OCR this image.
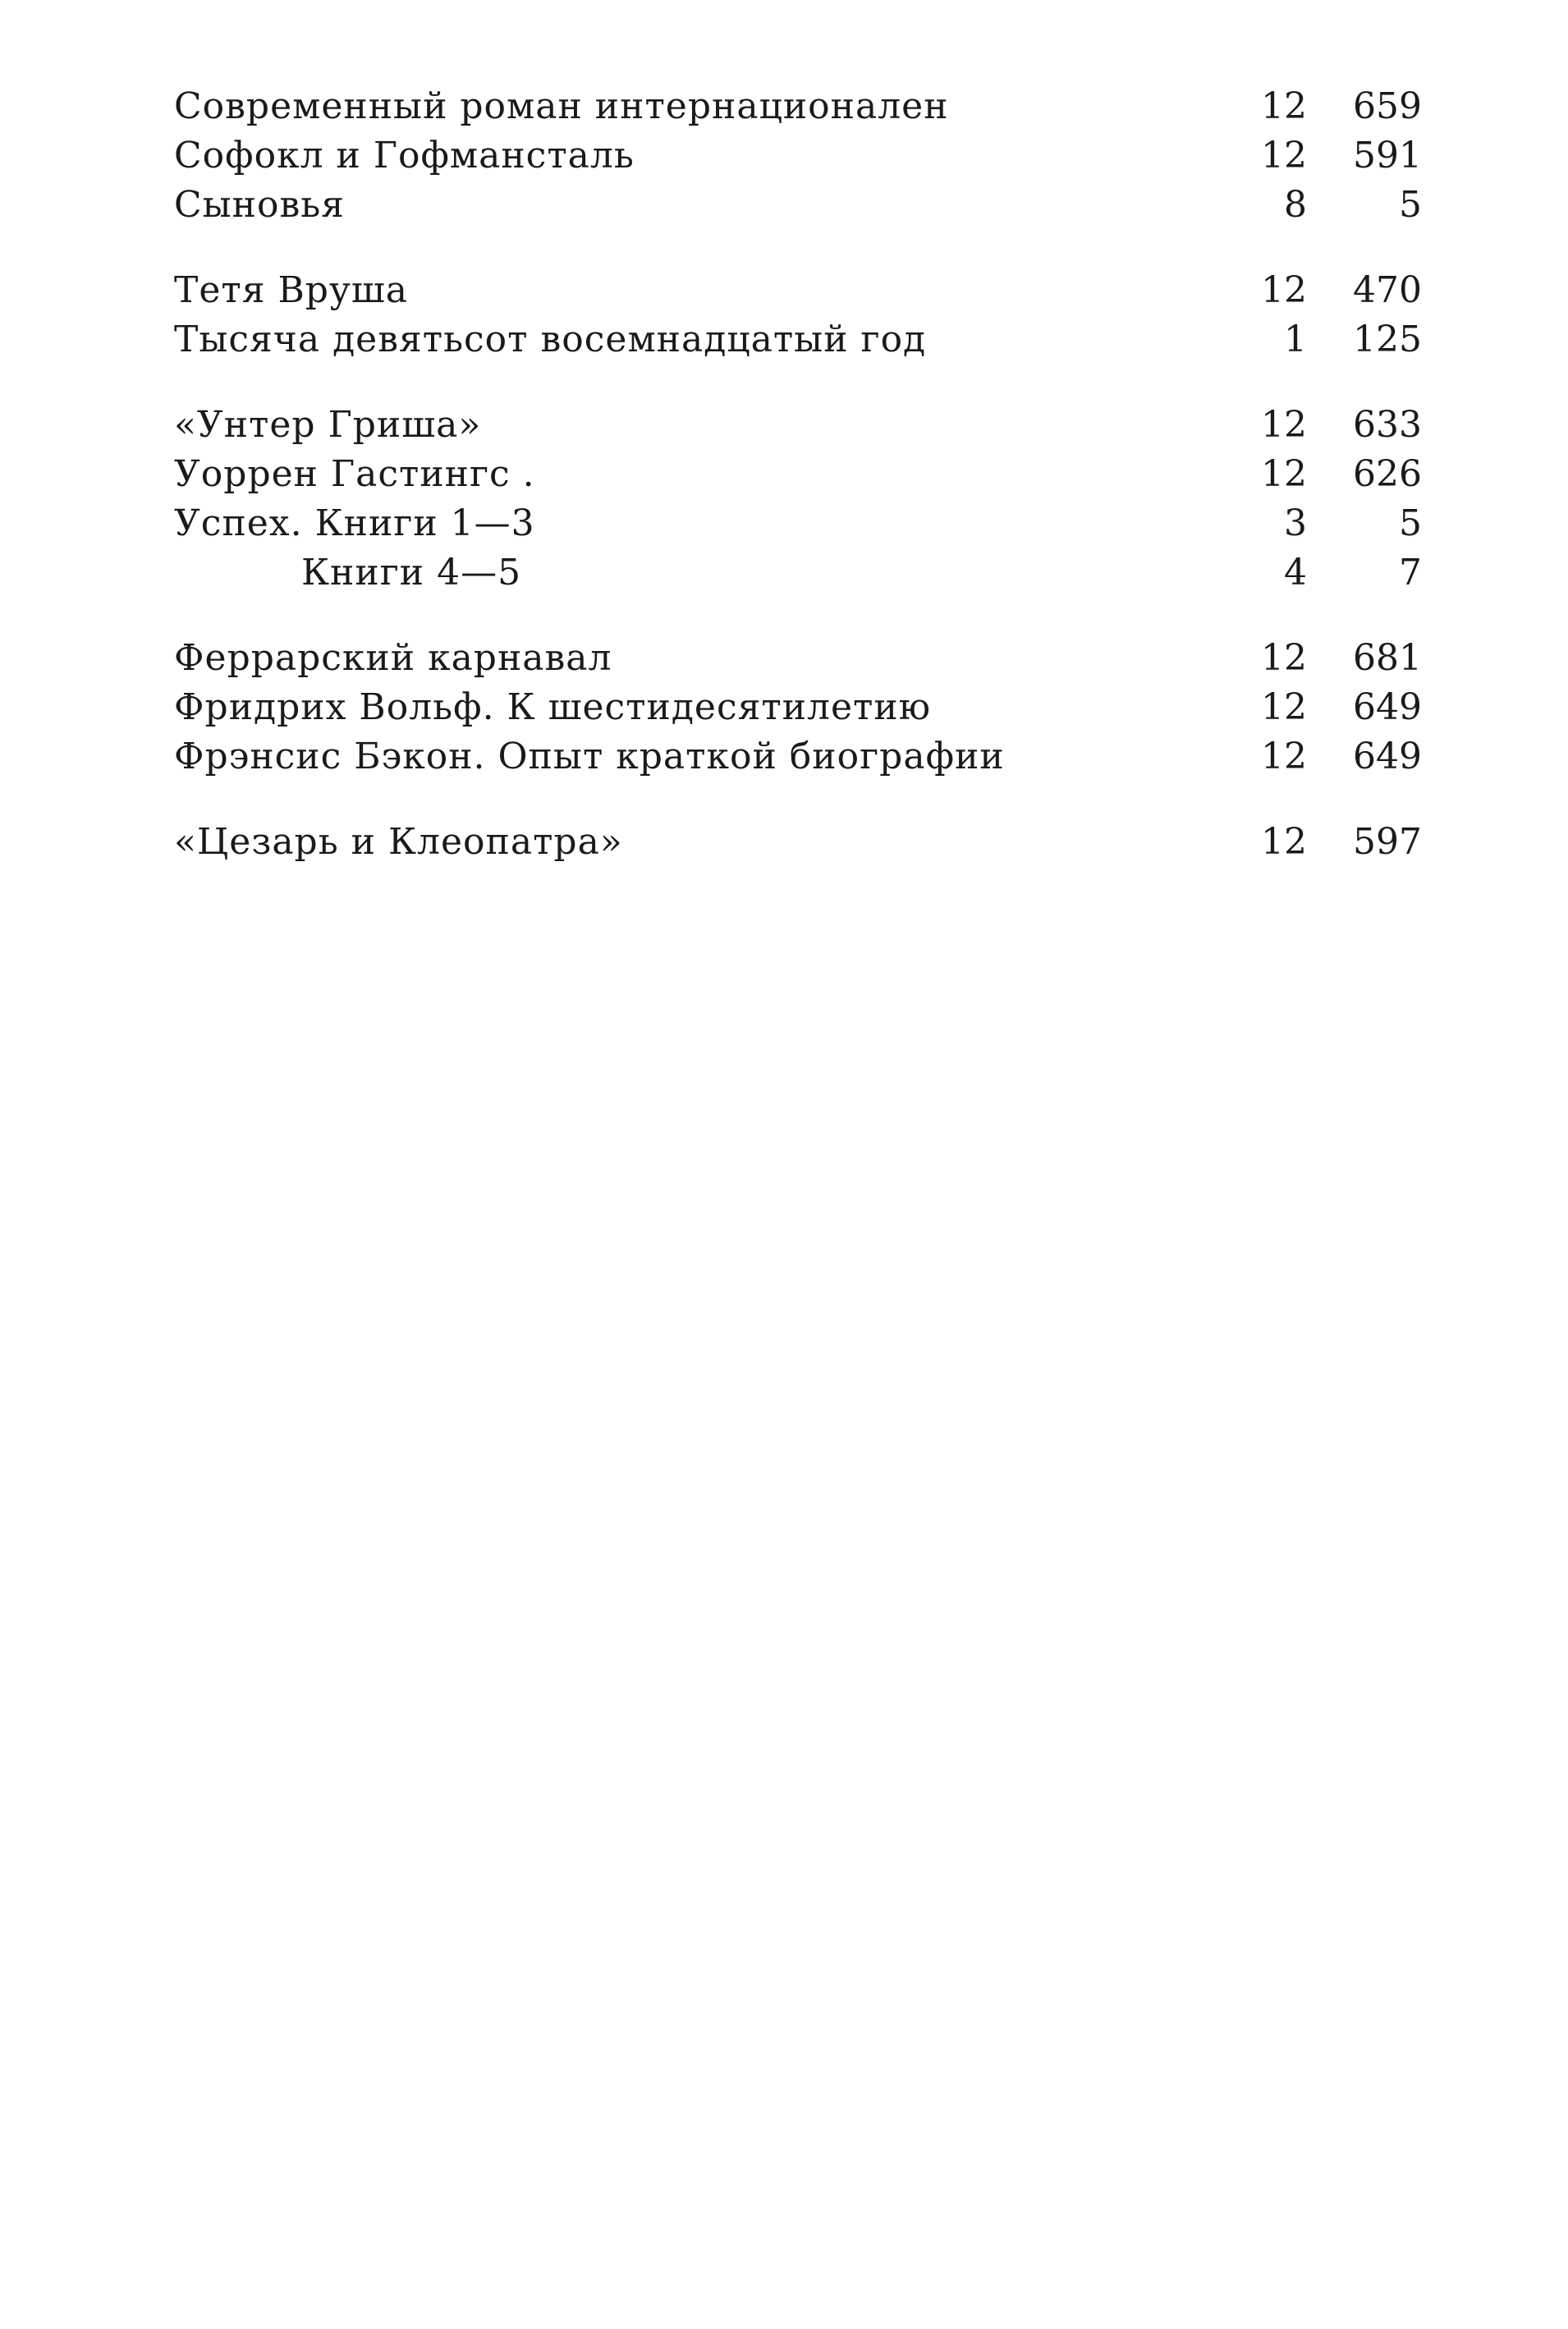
Современный роман интернационален	12	659
Софокл и Гофмансталь	12	591
Сыновья	8	5
Тетя Вруша	12	470
Тысяча девятьсот восемнадцатый год	1	125
«Унтер Гриша»	12	633
Уоррен Гастингс .	12	626
Успех. Книги 1—3	3	5
Книги 4—5	4	7
Феррарский карнавал	12	681
Фридрих Вольф. К шестидесятилетию	12	649
Фрэнсис Бэкон. Опыт краткой биографии	12	649
«Цезарь и Клеопатра»	12	597
